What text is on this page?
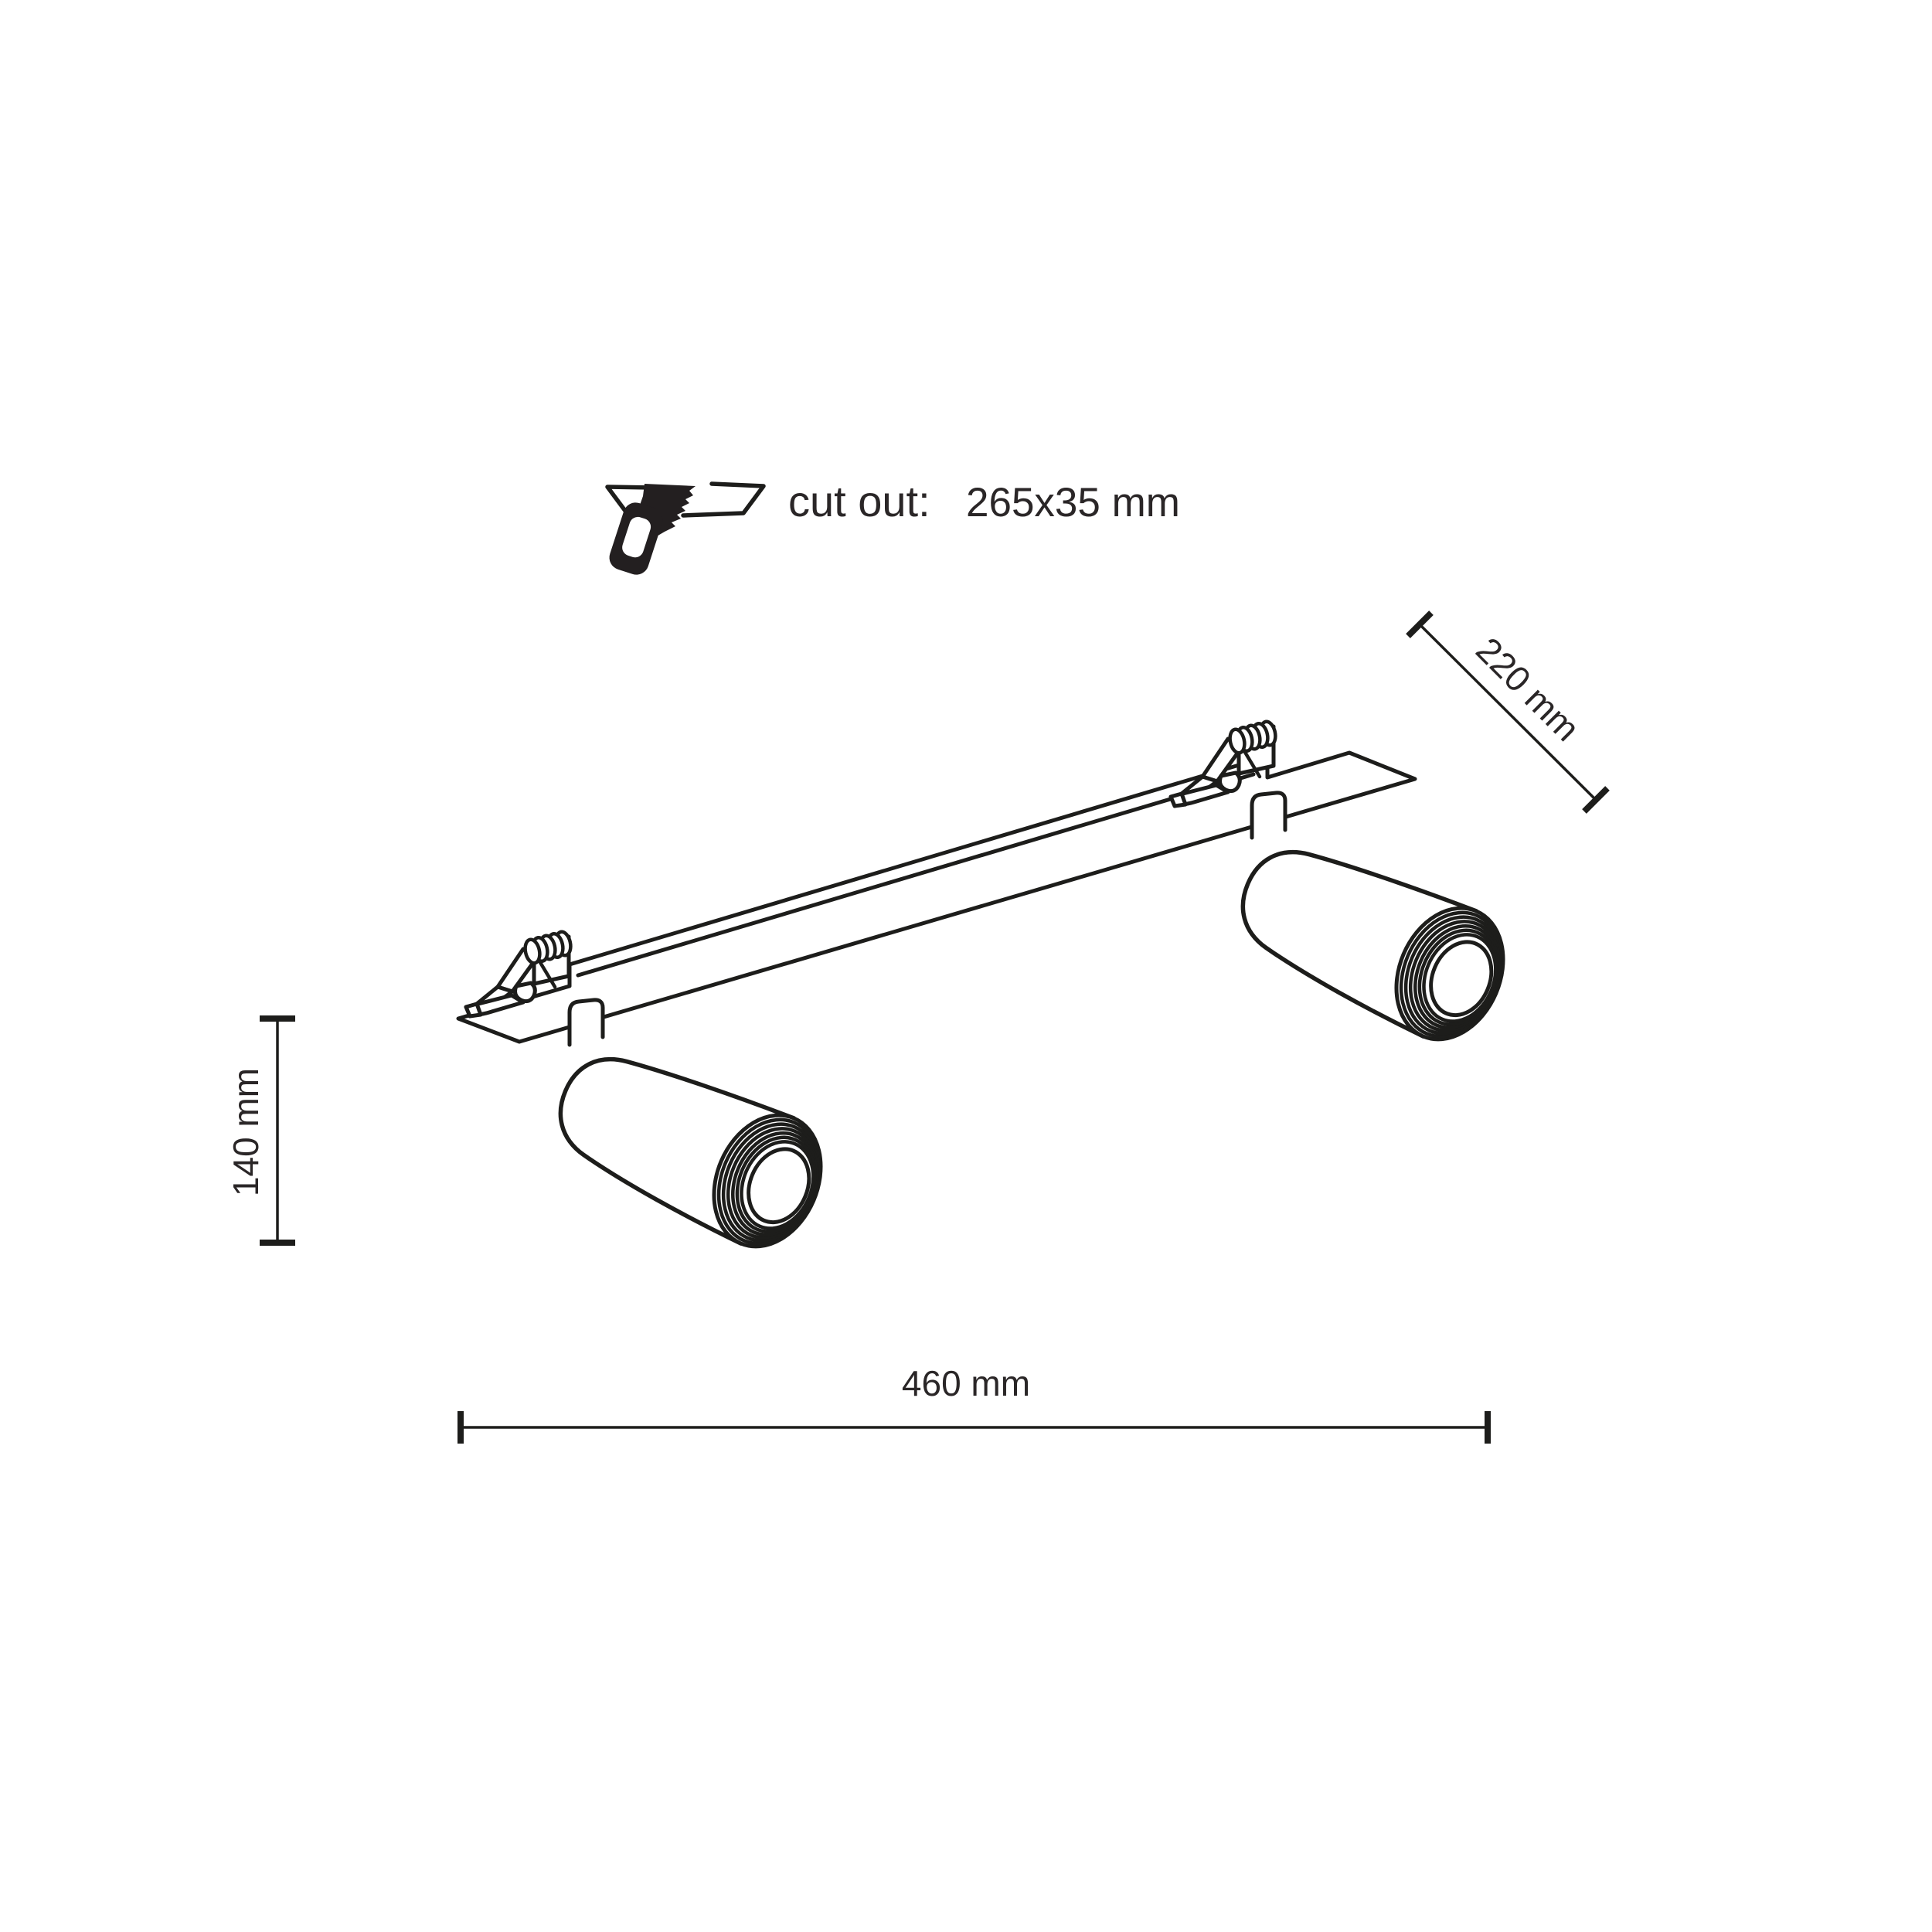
cut out: 265x35 mm
220 mm
140 mm
460 mm
